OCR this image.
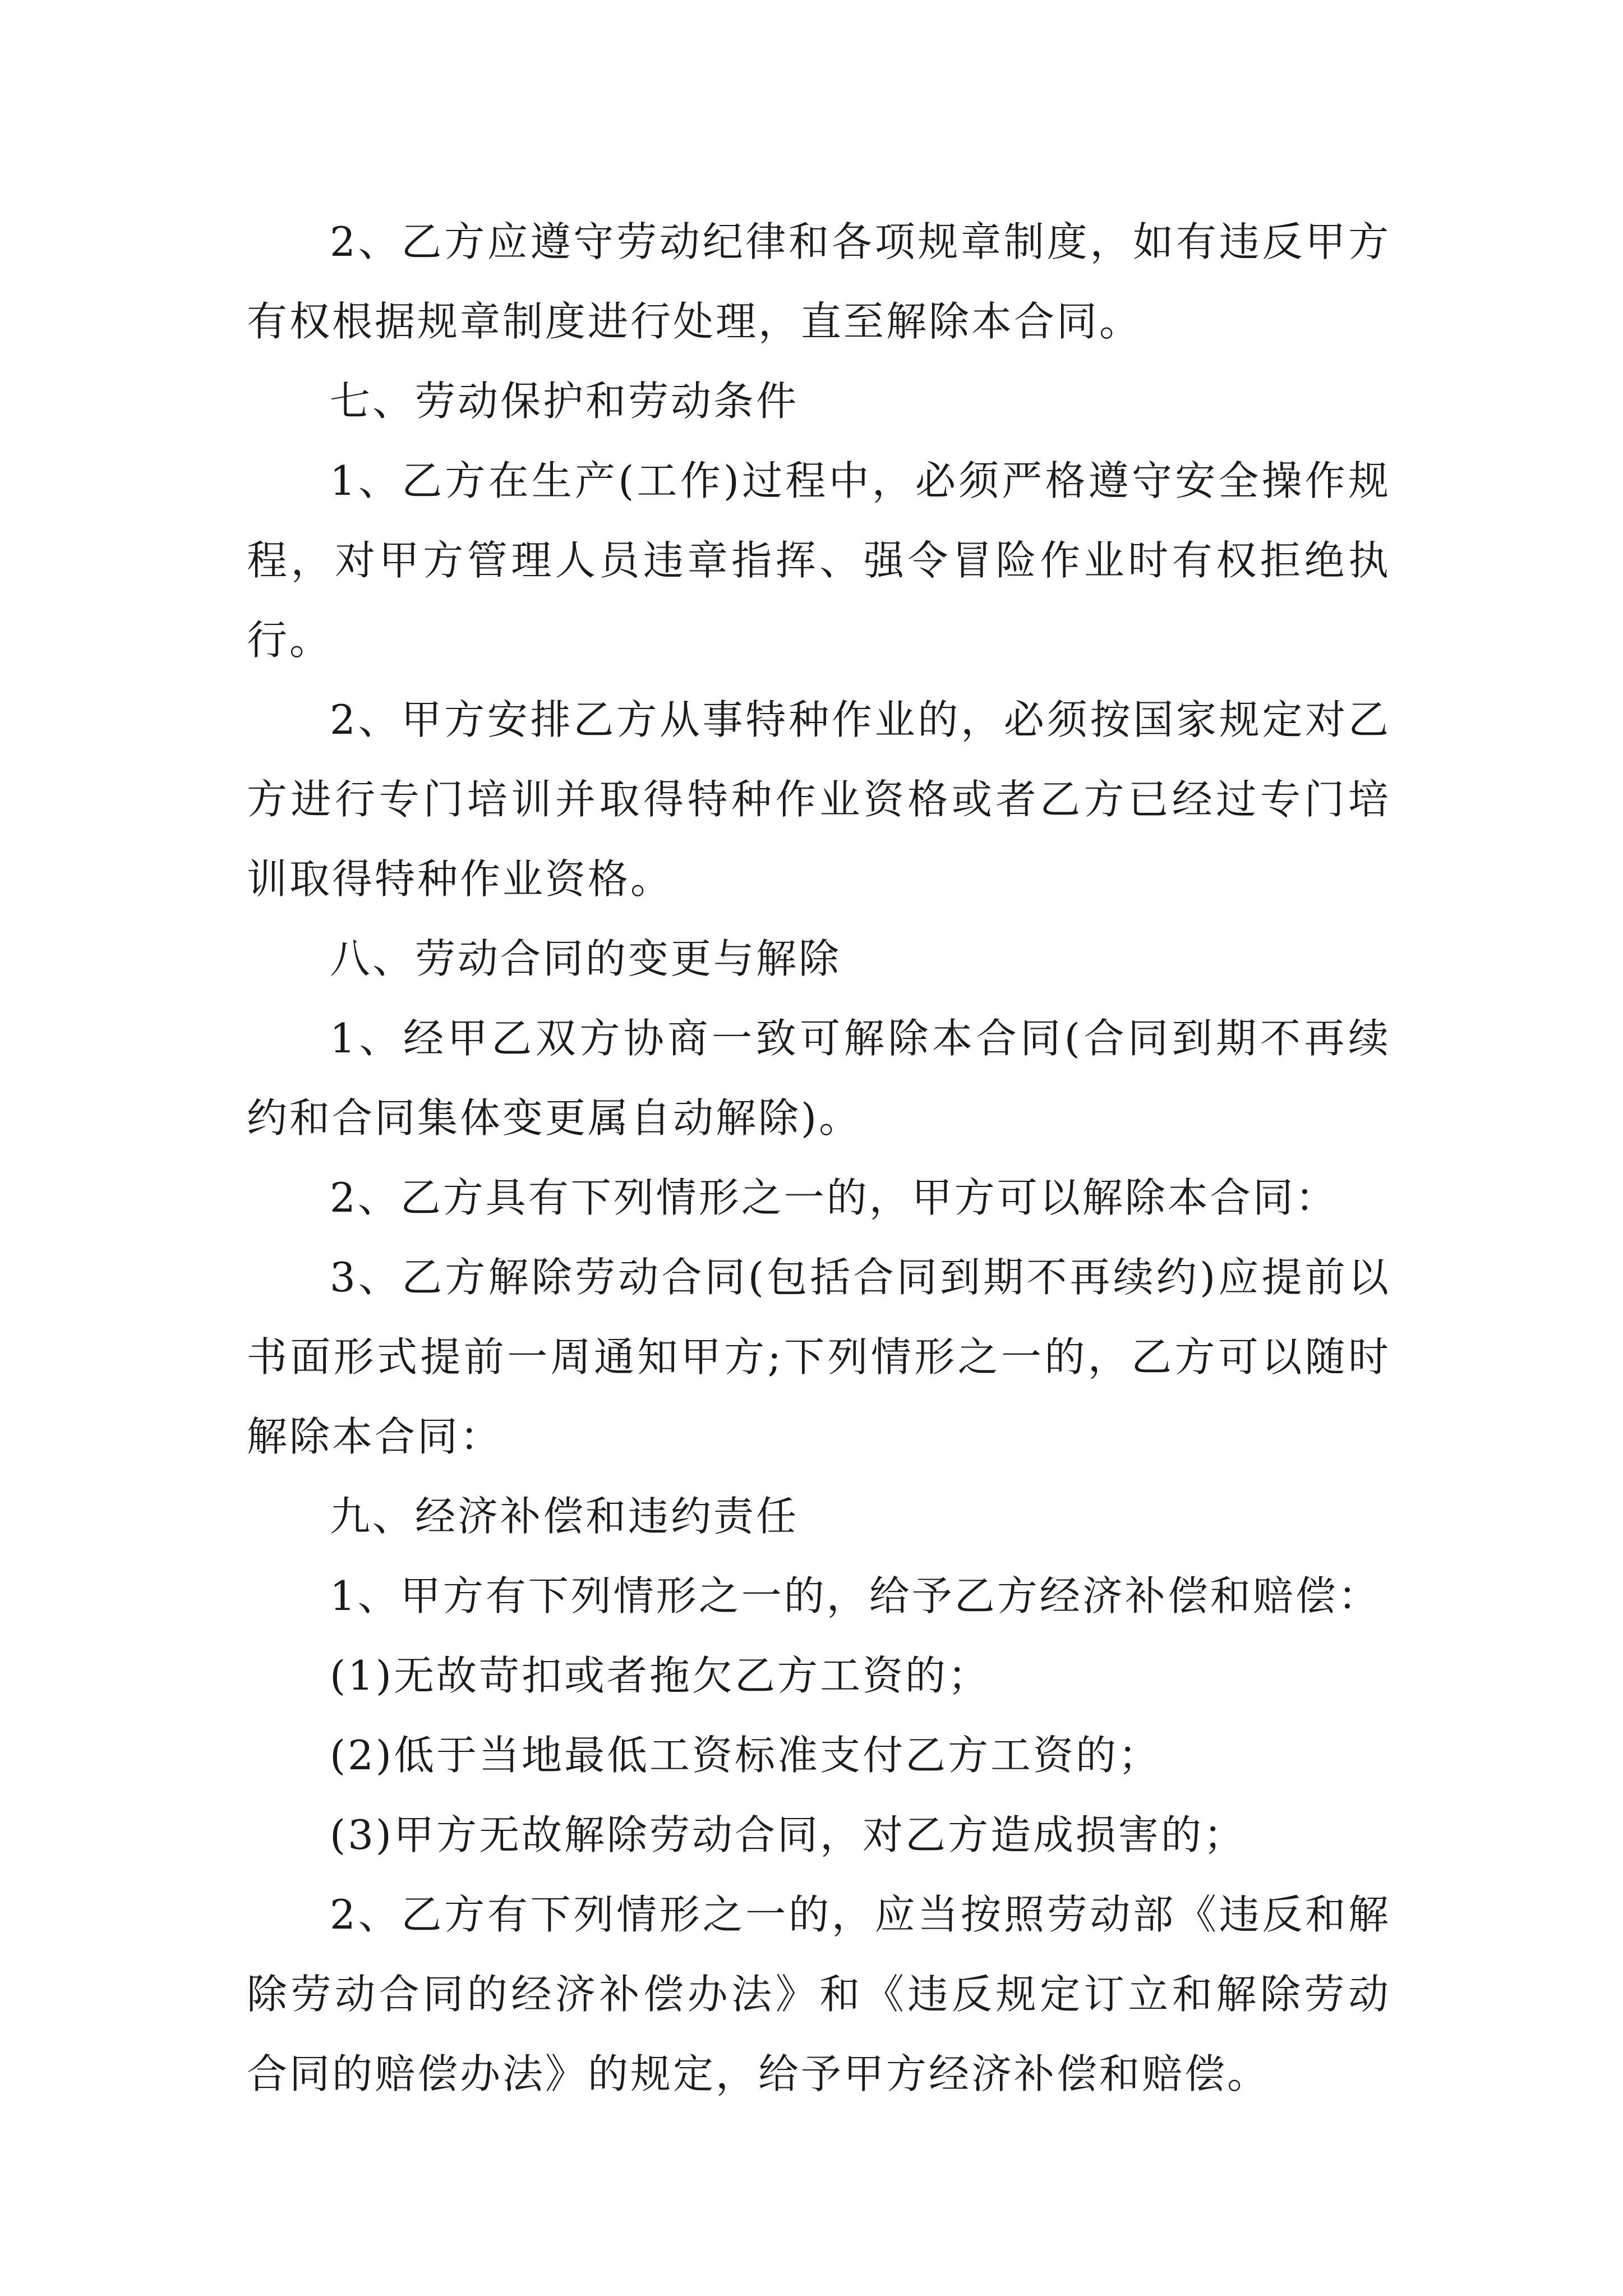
2、乙方应遵守劳动纪律和各项规章制度，如有违反甲方有权根据规章制度进行处理，直至解除本合同。

七、劳动保护和劳动条件

1、乙方在生产(工作)过程中，必须严格遵守安全操作规程，对甲方管理人员违章指挥、强令冒险作业时有权拒绝执行。

2、甲方安排乙方从事特种作业的，必须按国家规定对乙方进行专门培训并取得特种作业资格或者乙方已经过专门培训取得特种作业资格。

八、劳动合同的变更与解除

1、经甲乙双方协商一致可解除本合同(合同到期不再续约和合同集体变更属自动解除)。

2、乙方具有下列情形之一的，甲方可以解除本合同：

3、乙方解除劳动合同(包括合同到期不再续约)应提前以书面形式提前一周通知甲方;下列情形之一的，乙方可以随时解除本合同：

九、经济补偿和违约责任

1、甲方有下列情形之一的，给予乙方经济补偿和赔偿：

(1)无故苛扣或者拖欠乙方工资的；

(2)低于当地最低工资标准支付乙方工资的；

(3)甲方无故解除劳动合同，对乙方造成损害的；

2、乙方有下列情形之一的，应当按照劳动部《违反和解除劳动合同的经济补偿办法》和《违反规定订立和解除劳动合同的赔偿办法》的规定，给予甲方经济补偿和赔偿。
